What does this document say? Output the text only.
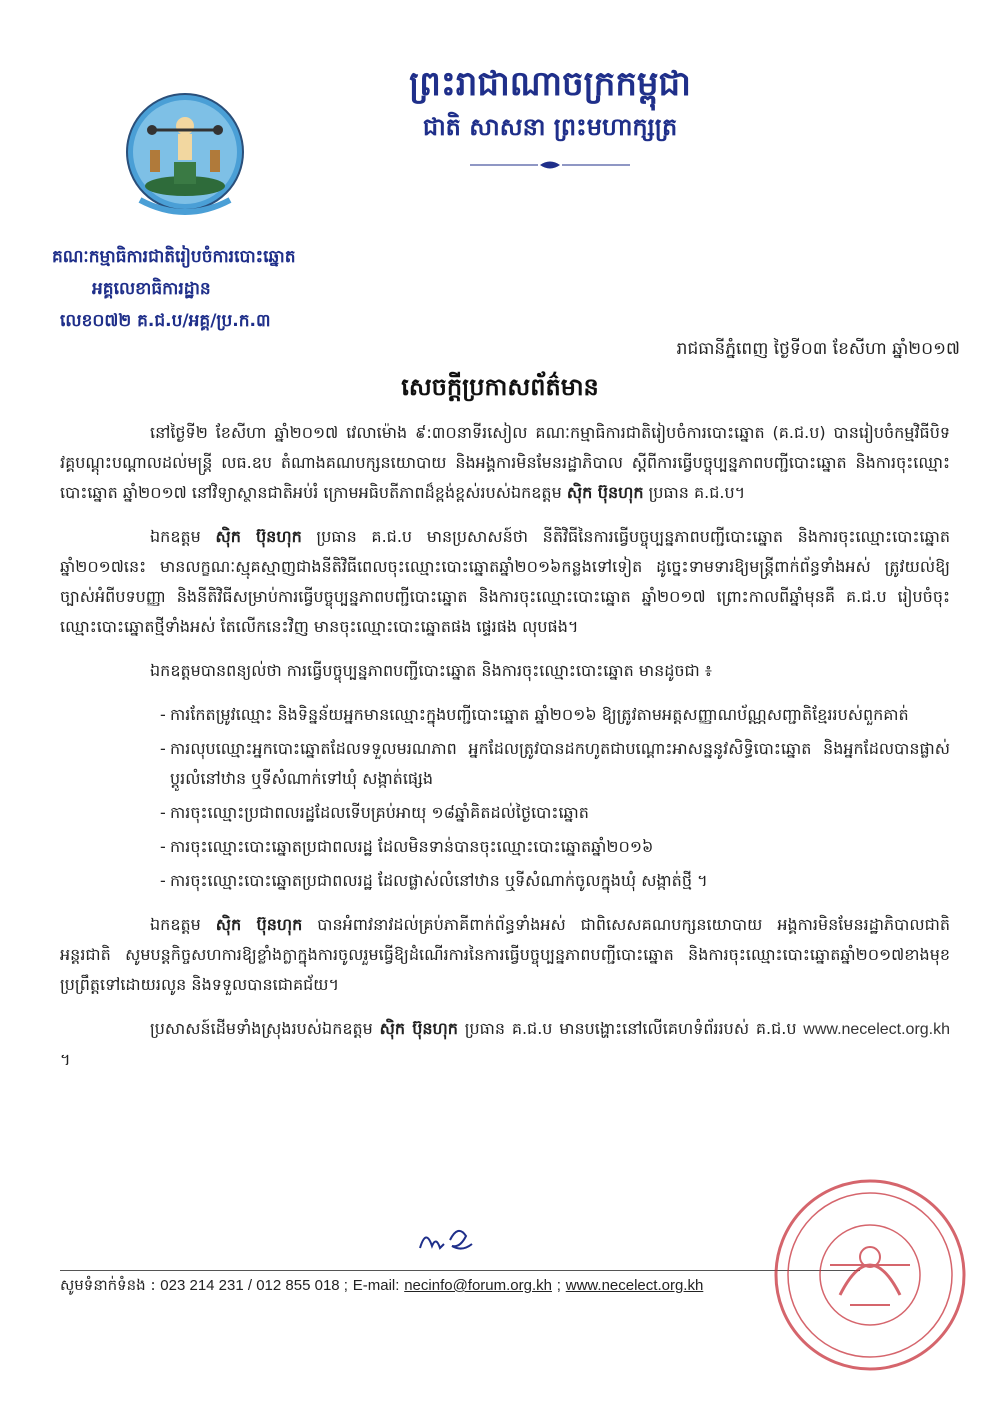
ព្រះរាជាណាចក្រកម្ពុជា
ជាតិ សាសនា ព្រះមហាក្សត្រ
គណៈកម្មាធិការជាតិរៀបចំការបោះឆ្នោត
អគ្គលេខាធិការដ្ឋាន
លេខ០៧២ គ.ជ.ប/អគ្គ/ប្រ.ក.៣
រាជធានីភ្នំពេញ ថ្ងៃទី០៣ ខែសីហា ឆ្នាំ២០១៧
សេចក្តីប្រកាសព័ត៌មាន

នៅថ្ងៃទី២ ខែសីហា ឆ្នាំ២០១៧ វេលាម៉ោង ៩:៣០នាទីរសៀល គណៈកម្មាធិការជាតិរៀបចំការបោះឆ្នោត (គ.ជ.ប) បានរៀបចំកម្មវិធីបិទវគ្គបណ្តុះបណ្តាលដល់មន្ត្រី លធ.ឧប តំណាងគណបក្សនយោបាយ និងអង្គការមិនមែនរដ្ឋាភិបាល ស្តីពីការធ្វើបច្ចុប្បន្នភាពបញ្ជីបោះឆ្នោត និងការចុះឈ្មោះបោះឆ្នោត ឆ្នាំ២០១៧ នៅវិទ្យាស្ថានជាតិអប់រំ ក្រោមអធិបតីភាពដ៏ខ្ពង់ខ្ពស់របស់ឯកឧត្តម ស៊ិក ប៊ុនហុក ប្រធាន គ.ជ.ប។

ឯកឧត្តម ស៊ិក ប៊ុនហុក ប្រធាន គ.ជ.ប មានប្រសាសន៍ថា នីតិវិធីនៃការធ្វើបច្ចុប្បន្នភាពបញ្ជីបោះឆ្នោត និងការចុះឈ្មោះបោះឆ្នោត ឆ្នាំ២០១៧នេះ មានលក្ខណៈស្មុគស្មាញជាងនីតិវិធីពេលចុះឈ្មោះបោះឆ្នោតឆ្នាំ២០១៦កន្លងទៅទៀត ដូច្នេះទាមទារឱ្យមន្ត្រីពាក់ព័ន្ធទាំងអស់ ត្រូវយល់ឱ្យច្បាស់អំពីបទបញ្ញា និងនីតិវិធីសម្រាប់ការធ្វើបច្ចុប្បន្នភាពបញ្ជីបោះឆ្នោត និងការចុះឈ្មោះបោះឆ្នោត ឆ្នាំ២០១៧ ព្រោះកាលពីឆ្នាំមុនគឺ គ.ជ.ប រៀបចំចុះឈ្មោះបោះឆ្នោតថ្មីទាំងអស់ តែលើកនេះវិញ មានចុះឈ្មោះបោះឆ្នោតផង ផ្ទេរផង លុបផង។

ឯកឧត្តមបានពន្យល់ថា ការធ្វើបច្ចុប្បន្នភាពបញ្ជីបោះឆ្នោត និងការចុះឈ្មោះបោះឆ្នោត មានដូចជា ៖

- ការកែតម្រូវឈ្មោះ និងទិន្នន័យអ្នកមានឈ្មោះក្នុងបញ្ជីបោះឆ្នោត ឆ្នាំ២០១៦ ឱ្យត្រូវតាមអត្តសញ្ញាណប័ណ្ណសញ្ជាតិខ្មែររបស់ពួកគាត់
- ការលុបឈ្មោះអ្នកបោះឆ្នោតដែលទទួលមរណភាព អ្នកដែលត្រូវបានដកហូតជាបណ្តោះអាសន្ននូវសិទ្ធិបោះឆ្នោត និងអ្នកដែលបានផ្លាស់ប្តូរលំនៅឋាន ឬទីសំណាក់ទៅឃុំ សង្កាត់ផ្សេង
- ការចុះឈ្មោះប្រជាពលរដ្ឋដែលទើបគ្រប់អាយុ ១៨ឆ្នាំគិតដល់ថ្ងៃបោះឆ្នោត
- ការចុះឈ្មោះបោះឆ្នោតប្រជាពលរដ្ឋ ដែលមិនទាន់បានចុះឈ្មោះបោះឆ្នោតឆ្នាំ២០១៦
- ការចុះឈ្មោះបោះឆ្នោតប្រជាពលរដ្ឋ ដែលផ្លាស់លំនៅឋាន ឬទីសំណាក់ចូលក្នុងឃុំ សង្កាត់ថ្មី ។

ឯកឧត្តម ស៊ិក ប៊ុនហុក បានអំពាវនាវដល់គ្រប់ភាគីពាក់ព័ន្ធទាំងអស់ ជាពិសេសគណបក្សនយោបាយ អង្គការមិនមែនរដ្ឋាភិបាលជាតិ អន្តរជាតិ សូមបន្តកិច្ចសហការឱ្យខ្លាំងក្លាក្នុងការចូលរួមធ្វើឱ្យដំណើរការនៃការធ្វើបច្ចុប្បន្នភាពបញ្ជីបោះឆ្នោត និងការចុះឈ្មោះបោះឆ្នោតឆ្នាំ២០១៧ខាងមុខ ប្រព្រឹត្តទៅដោយរលូន និងទទួលបានជោគជ័យ។

ប្រសាសន៍ដើមទាំងស្រុងរបស់ឯកឧត្តម ស៊ិក ប៊ុនហុក ប្រធាន គ.ជ.ប មានបង្ហោះនៅលើគេហទំព័ររបស់ គ.ជ.ប www.necelect.org.kh ។

សូមទំនាក់ទំនង : 023 214 231 / 012 855 018 ; E-mail: necinfo@forum.org.kh ; www.necelect.org.kh
